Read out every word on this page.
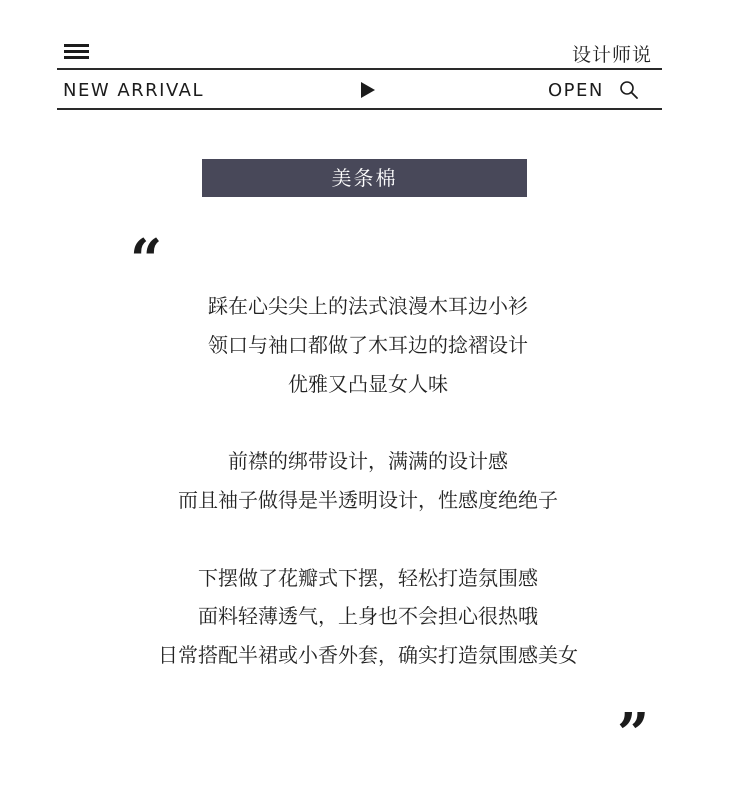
设计师说
NEW ARRIVAL	OPEN
美条棉
“
踩在心尖尖上的法式浪漫木耳边小衫
领口与袖口都做了木耳边的捻褶设计
优雅又凸显女人味
前襟的绑带设计，满满的设计感
而且袖子做得是半透明设计，性感度绝绝子
下摆做了花瓣式下摆，轻松打造氛围感
面料轻薄透气，上身也不会担心很热哦
日常搭配半裙或小香外套，确实打造氛围感美女
”
